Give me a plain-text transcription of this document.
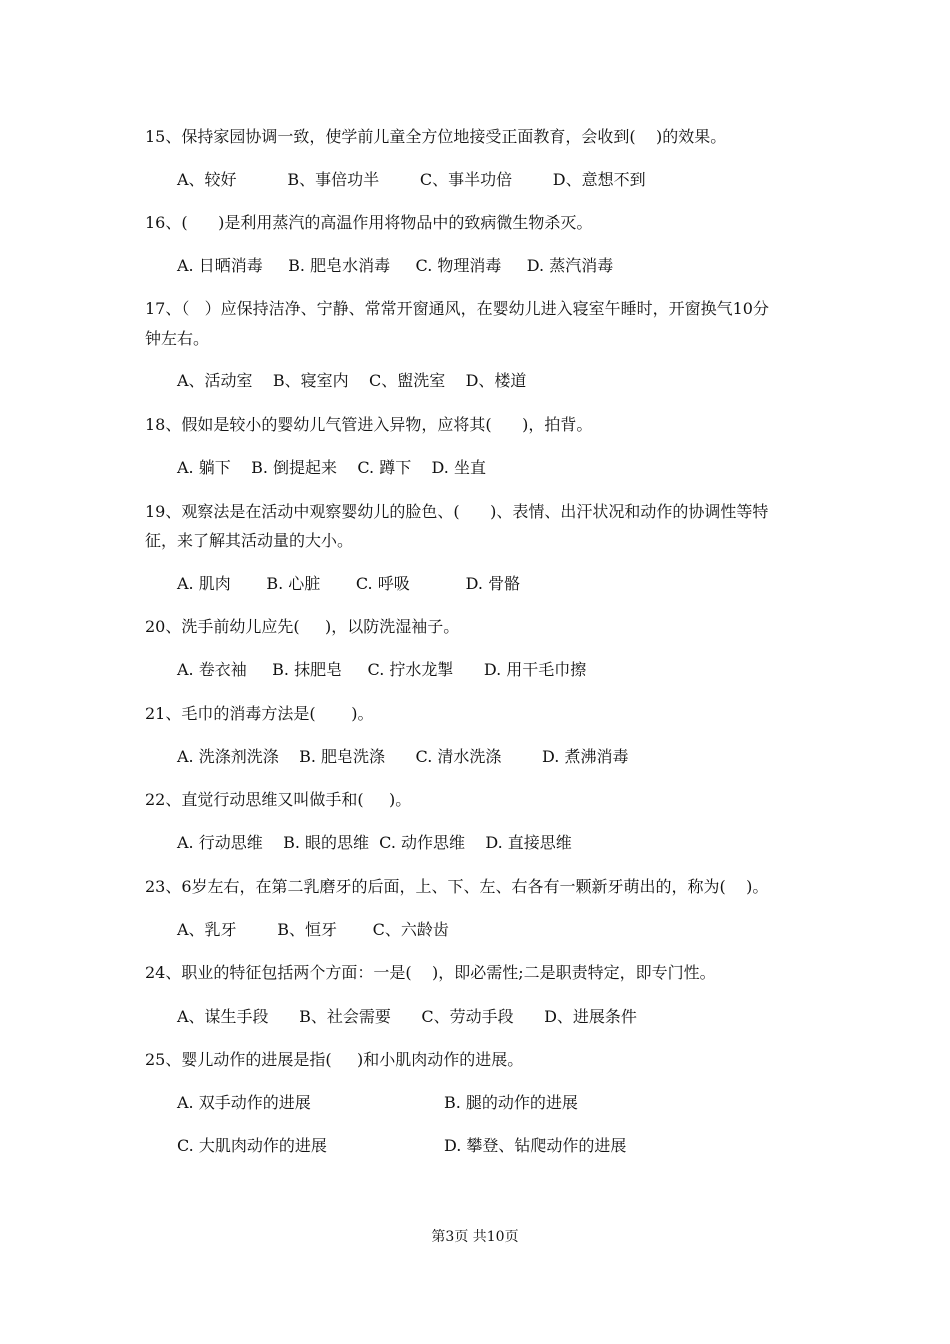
15、保持家园协调一致，使学前儿童全方位地接受正面教育，会收到(    )的效果。
A、较好          B、事倍功半        C、事半功倍        D、意想不到
16、(      )是利用蒸汽的高温作用将物品中的致病微生物杀灭。
A. 日晒消毒     B. 肥皂水消毒     C. 物理消毒     D. 蒸汽消毒
17、（   ）应保持洁净、宁静、常常开窗通风，在婴幼儿进入寝室午睡时，开窗换气10分
钟左右。
A、活动室    B、寝室内    C、盥洗室    D、楼道
18、假如是较小的婴幼儿气管进入异物，应将其(      )，拍背。
A. 躺下    B. 倒提起来    C. 蹲下    D. 坐直
19、观察法是在活动中观察婴幼儿的脸色、(      )、表情、出汗状况和动作的协调性等特
征，来了解其活动量的大小。
A. 肌肉       B. 心脏       C. 呼吸           D. 骨骼
20、洗手前幼儿应先(     )，以防洗湿袖子。
A. 卷衣袖     B. 抹肥皂     C. 拧水龙掣      D. 用干毛巾擦
21、毛巾的消毒方法是(       )。
A. 洗涤剂洗涤    B. 肥皂洗涤      C. 清水洗涤        D. 煮沸消毒
22、直觉行动思维又叫做手和(     )。
A. 行动思维    B. 眼的思维  C. 动作思维    D. 直接思维
23、6岁左右，在第二乳磨牙的后面，上、下、左、右各有一颗新牙萌出的，称为(    )。
A、乳牙        B、恒牙       C、六龄齿
24、职业的特征包括两个方面：一是(    )，即必需性;二是职责特定，即专门性。
A、谋生手段      B、社会需要      C、劳动手段      D、进展条件
25、婴儿动作的进展是指(     )和小肌肉动作的进展。
A. 双手动作的进展	B. 腿的动作的进展
C. 大肌肉动作的进展	D. 攀登、钻爬动作的进展
第3页 共10页
